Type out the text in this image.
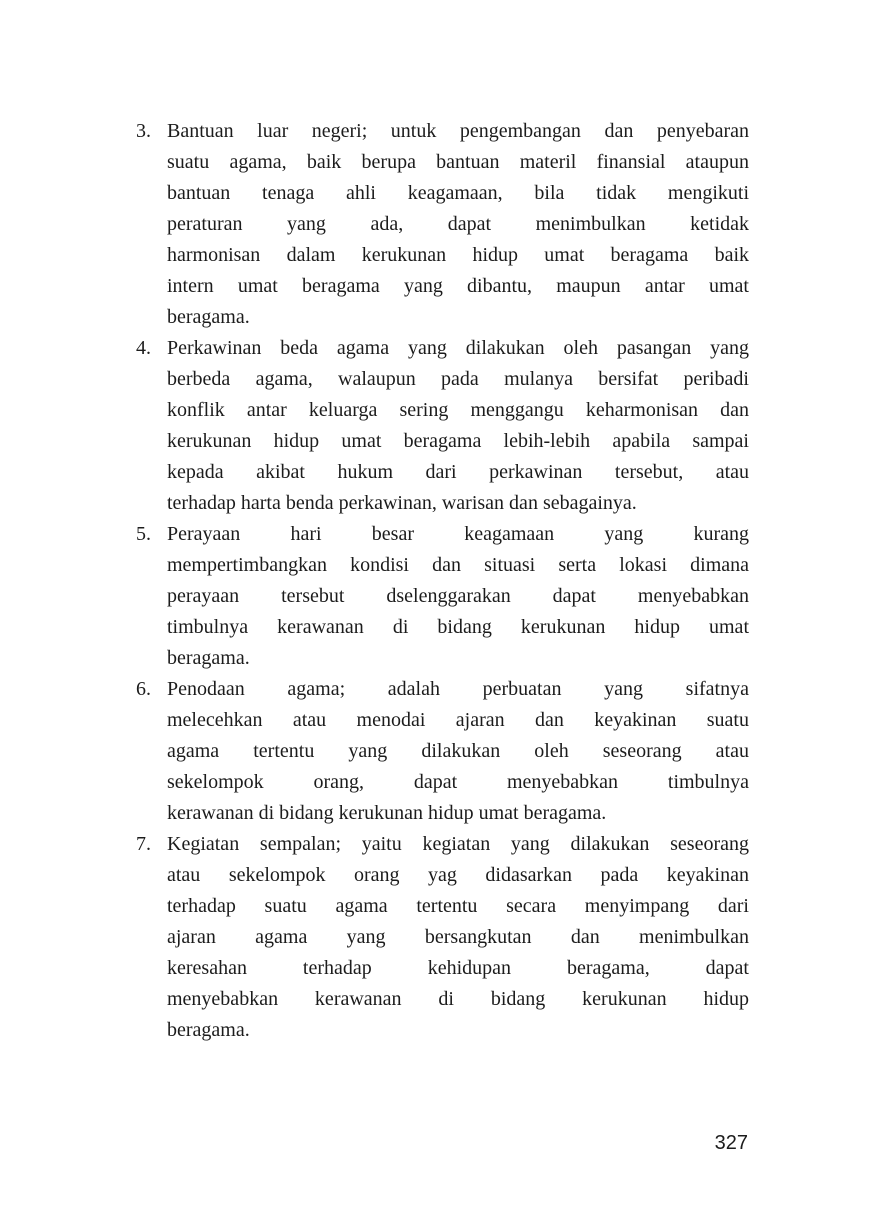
3. Bantuan luar negeri; untuk pengembangan dan penyebaran
suatu agama, baik berupa bantuan materil finansial ataupun
bantuan tenaga ahli keagamaan, bila tidak mengikuti
peraturan yang ada, dapat menimbulkan ketidak
harmonisan dalam kerukunan hidup umat beragama baik
intern umat beragama yang dibantu, maupun antar umat
beragama.
4. Perkawinan beda agama yang dilakukan oleh pasangan yang
berbeda agama, walaupun pada mulanya bersifat peribadi
konflik antar keluarga sering menggangu keharmonisan dan
kerukunan hidup umat beragama lebih-lebih apabila sampai
kepada akibat hukum dari perkawinan tersebut, atau
terhadap harta benda perkawinan, warisan dan sebagainya.
5. Perayaan hari besar keagamaan yang kurang
mempertimbangkan kondisi dan situasi serta lokasi dimana
perayaan tersebut dselenggarakan dapat menyebabkan
timbulnya kerawanan di bidang kerukunan hidup umat
beragama.
6. Penodaan agama; adalah perbuatan yang sifatnya
melecehkan atau menodai ajaran dan keyakinan suatu
agama tertentu yang dilakukan oleh seseorang atau
sekelompok orang, dapat menyebabkan timbulnya
kerawanan di bidang kerukunan hidup umat beragama.
7. Kegiatan sempalan; yaitu kegiatan yang dilakukan seseorang
atau sekelompok orang yag didasarkan pada keyakinan
terhadap suatu agama tertentu secara menyimpang dari
ajaran agama yang bersangkutan dan menimbulkan
keresahan terhadap kehidupan beragama, dapat
menyebabkan kerawanan di bidang kerukunan hidup
beragama.
327
